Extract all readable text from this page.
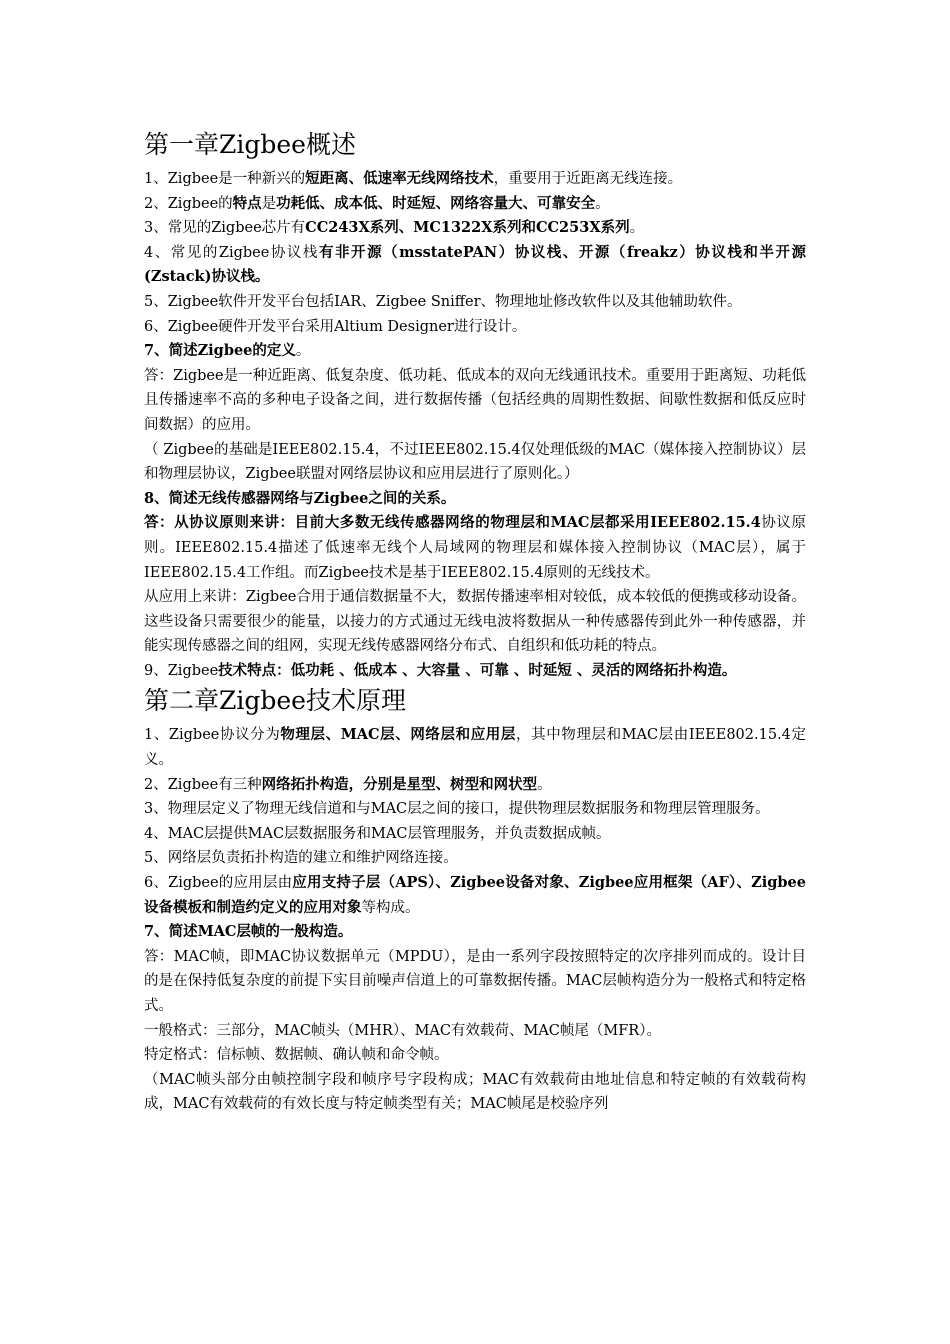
第一章Zigbee概述
1、Zigbee是一种新兴的短距离、低速率无线网络技术，重要用于近距离无线连接。
2、Zigbee的特点是功耗低、成本低、时延短、网络容量大、可靠安全。
3、常见的Zigbee芯片有CC243X系列、MC1322X系列和CC253X系列。
4、常见的Zigbee协议栈有非开源（msstatePAN）协议栈、开源（freakz）协议栈和半开源(Zstack)协议栈。
5、Zigbee软件开发平台包括IAR、Zigbee Sniffer、物理地址修改软件以及其他辅助软件。
6、Zigbee硬件开发平台采用Altium Designer进行设计。
7、简述Zigbee的定义。
答：Zigbee是一种近距离、低复杂度、低功耗、低成本的双向无线通讯技术。重要用于距离短、功耗低且传播速率不高的多种电子设备之间，进行数据传播（包括经典的周期性数据、间歇性数据和低反应时间数据）的应用。
（ Zigbee的基础是IEEE802.15.4，不过IEEE802.15.4仅处理低级的MAC（媒体接入控制协议）层和物理层协议，Zigbee联盟对网络层协议和应用层进行了原则化。）
8、简述无线传感器网络与Zigbee之间的关系。
答：从协议原则来讲：目前大多数无线传感器网络的物理层和MAC层都采用IEEE802.15.4协议原则。IEEE802.15.4描述了低速率无线个人局域网的物理层和媒体接入控制协议（MAC层），属于IEEE802.15.4工作组。而Zigbee技术是基于IEEE802.15.4原则的无线技术。
从应用上来讲：Zigbee合用于通信数据量不大，数据传播速率相对较低，成本较低的便携或移动设备。这些设备只需要很少的能量，以接力的方式通过无线电波将数据从一种传感器传到此外一种传感器，并能实现传感器之间的组网，实现无线传感器网络分布式、自组织和低功耗的特点。
9、Zigbee技术特点：低功耗 、低成本 、大容量 、可靠 、时延短 、灵活的网络拓扑构造。
第二章Zigbee技术原理
1、Zigbee协议分为物理层、MAC层、网络层和应用层，其中物理层和MAC层由IEEE802.15.4定义。
2、Zigbee有三种网络拓扑构造，分别是星型、树型和网状型。
3、物理层定义了物理无线信道和与MAC层之间的接口，提供物理层数据服务和物理层管理服务。
4、MAC层提供MAC层数据服务和MAC层管理服务，并负责数据成帧。
5、网络层负责拓扑构造的建立和维护网络连接。
6、Zigbee的应用层由应用支持子层（APS）、Zigbee设备对象、Zigbee应用框架（AF）、Zigbee设备模板和制造约定义的应用对象等构成。
7、简述MAC层帧的一般构造。
答：MAC帧，即MAC协议数据单元（MPDU），是由一系列字段按照特定的次序排列而成的。设计目的是在保持低复杂度的前提下实目前噪声信道上的可靠数据传播。MAC层帧构造分为一般格式和特定格式。
一般格式：三部分，MAC帧头（MHR）、MAC有效载荷、MAC帧尾（MFR）。
特定格式：信标帧、数据帧、确认帧和命令帧。
（MAC帧头部分由帧控制字段和帧序号字段构成；MAC有效载荷由地址信息和特定帧的有效载荷构成，MAC有效载荷的有效长度与特定帧类型有关；MAC帧尾是校验序列
